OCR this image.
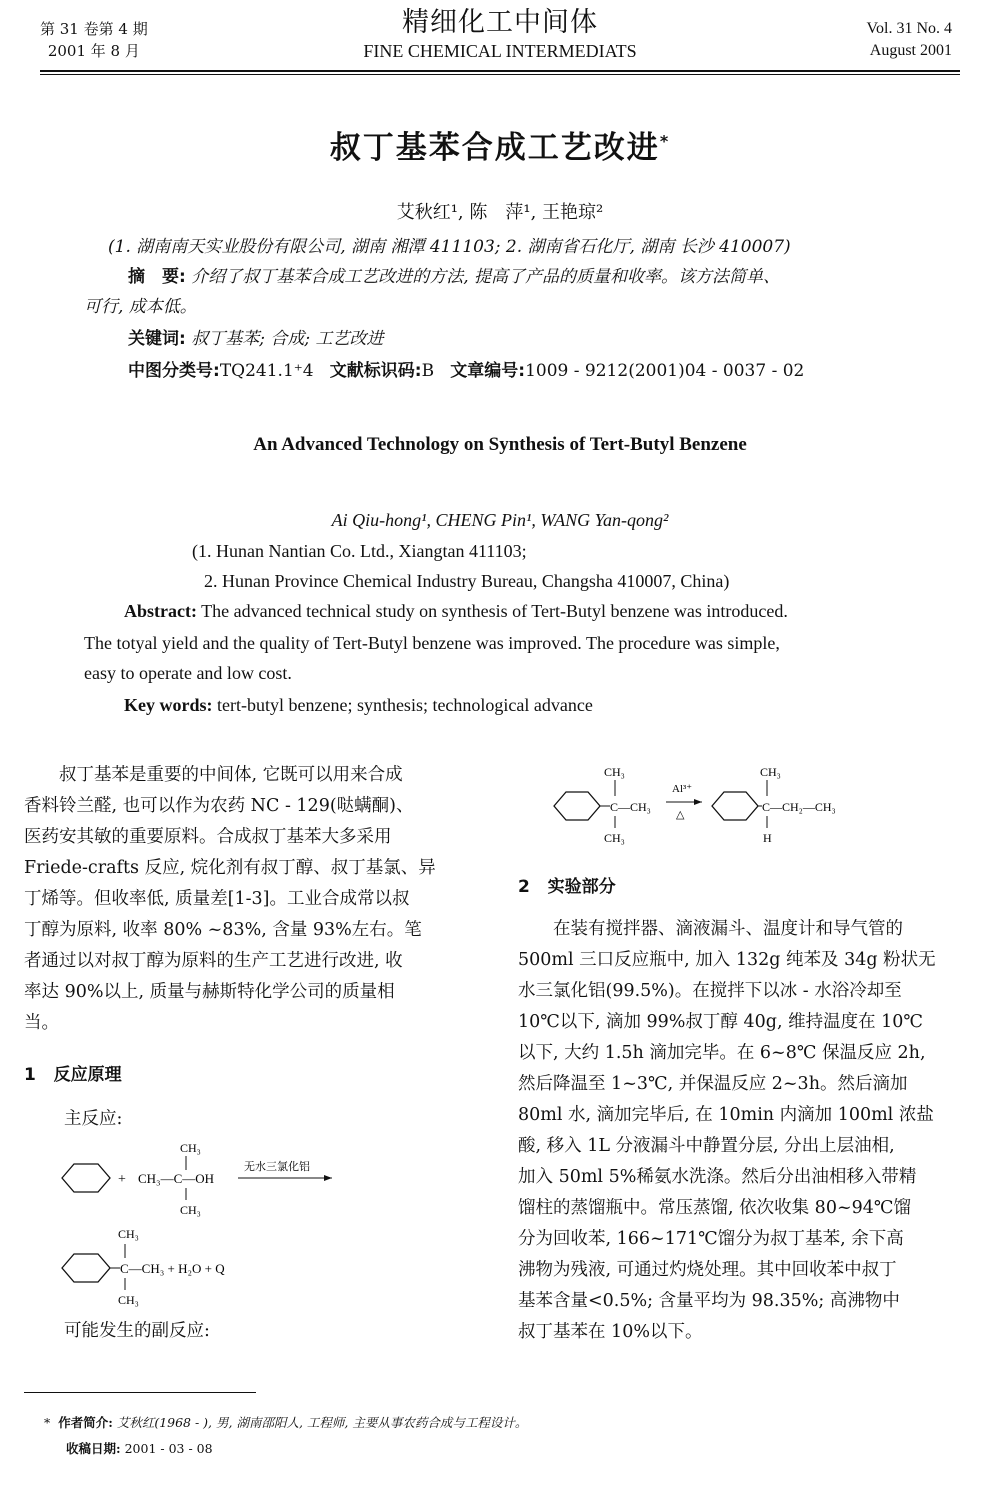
第 31 卷第 4 期
2001 年 8 月
精细化工中间体
FINE CHEMICAL INTERMEDIATS
Vol. 31 No. 4
August 2001
叔丁基苯合成工艺改进*
艾秋红¹, 陈　萍¹, 王艳琼²
(1. 湖南南天实业股份有限公司, 湖南 湘潭 411103; 2. 湖南省石化厅, 湖南 长沙 410007)
摘　要: 介绍了叔丁基苯合成工艺改进的方法, 提高了产品的质量和收率。该方法简单、
可行, 成本低。
关键词: 叔丁基苯; 合成; 工艺改进
中图分类号:TQ241.1⁺4 文献标识码:B 文章编号:1009 - 9212(2001)04 - 0037 - 02
An Advanced Technology on Synthesis of Tert-Butyl Benzene
Ai Qiu-hong¹, CHENG Pin¹, WANG Yan-qong²
(1. Hunan Nantian Co. Ltd., Xiangtan 411103;
2. Hunan Province Chemical Industry Bureau, Changsha 410007, China)
Abstract: The advanced technical study on synthesis of Tert-Butyl benzene was introduced.
The totyal yield and the quality of Tert-Butyl benzene was improved. The procedure was simple,
easy to operate and low cost.
Key words: tert-butyl benzene; synthesis; technological advance
叔丁基苯是重要的中间体, 它既可以用来合成
香料铃兰醛, 也可以作为农药 NC - 129(哒螨酮)、
医药安其敏的重要原料。合成叔丁基苯大多采用
Friede-crafts 反应, 烷化剂有叔丁醇、叔丁基氯、异
丁烯等。但收率低, 质量差[1-3]。工业合成常以叔
丁醇为原料, 收率 80% ~83%, 含量 93%左右。笔
者通过以对叔丁醇为原料的生产工艺进行改进, 收
率达 90%以上, 质量与赫斯特化学公司的质量相
当。
1 反应原理
主反应:
+
CH₃
CH₃—C—OH
CH₃
无水三氯化铝
CH₃
C—CH₃ + H₂O + Q
CH₃
可能发生的副反应:
CH₃
C—CH₃
CH₃
Al³⁺
△
CH₃
C—CH₂—CH₃
H
2 实验部分
在装有搅拌器、滴液漏斗、温度计和导气管的
500ml 三口反应瓶中, 加入 132g 纯苯及 34g 粉状无
水三氯化铝(99.5%)。在搅拌下以冰 - 水浴冷却至
10℃以下, 滴加 99%叔丁醇 40g, 维持温度在 10℃
以下, 大约 1.5h 滴加完毕。在 6~8℃ 保温反应 2h,
然后降温至 1~3℃, 并保温反应 2~3h。然后滴加
80ml 水, 滴加完毕后, 在 10min 内滴加 100ml 浓盐
酸, 移入 1L 分液漏斗中静置分层, 分出上层油相,
加入 50ml 5%稀氨水洗涤。然后分出油相移入带精
馏柱的蒸馏瓶中。常压蒸馏, 依次收集 80~94℃馏
分为回收苯, 166~171℃馏分为叔丁基苯, 余下高
沸物为残液, 可通过灼烧处理。其中回收苯中叔丁
基苯含量<0.5%; 含量平均为 98.35%; 高沸物中
叔丁基苯在 10%以下。
* 作者简介: 艾秋红(1968 - ), 男, 湖南邵阳人, 工程师, 主要从事农药合成与工程设计。
收稿日期: 2001 - 03 - 08
